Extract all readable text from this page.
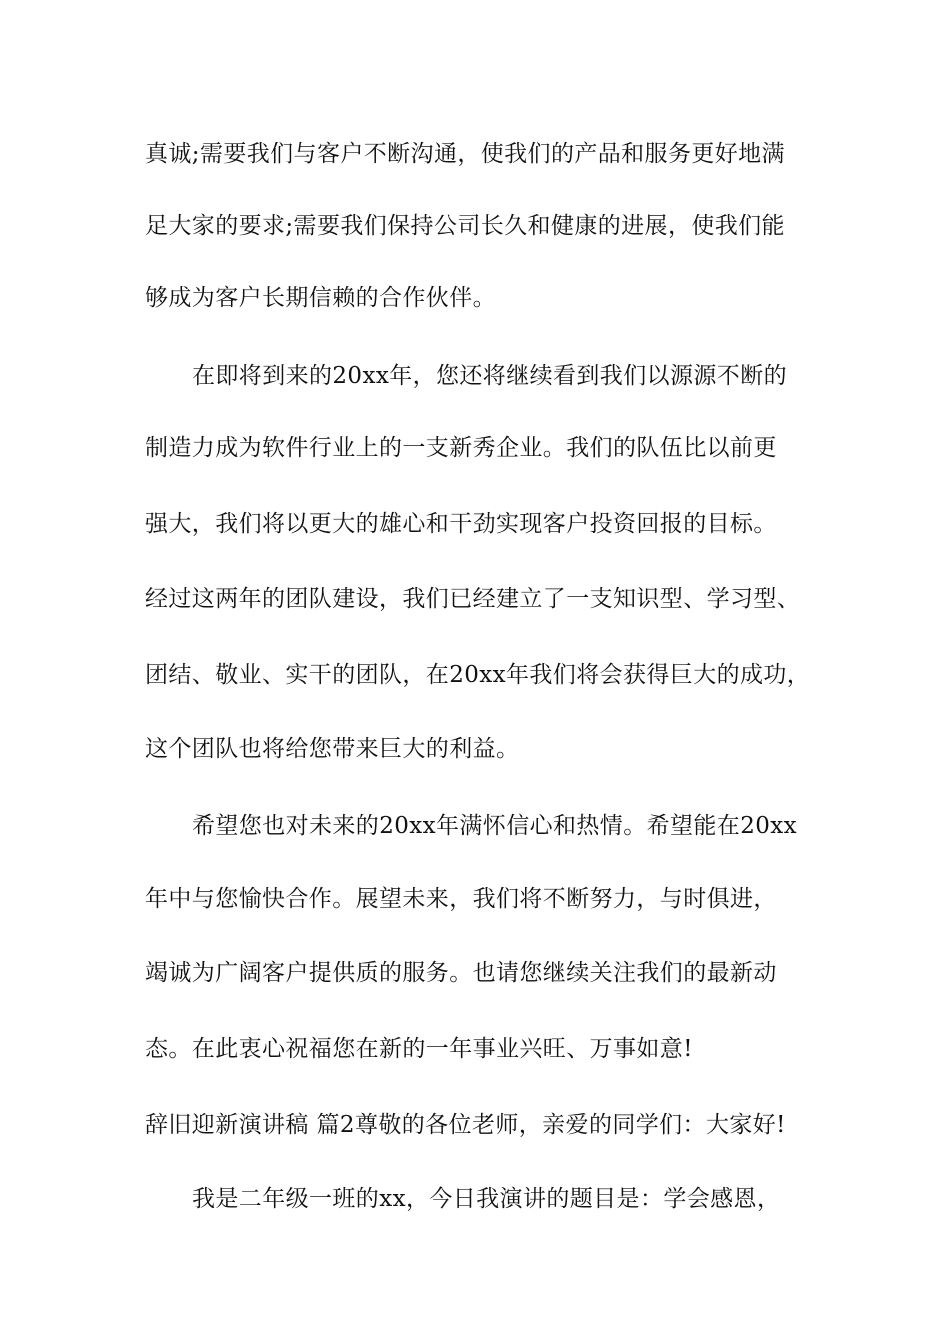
真诚;需要我们与客户不断沟通，使我们的产品和服务更好地满
足大家的要求;需要我们保持公司长久和健康的进展，使我们能
够成为客户长期信赖的合作伙伴。
在即将到来的20xx年，您还将继续看到我们以源源不断的
制造力成为软件行业上的一支新秀企业。我们的队伍比以前更
强大，我们将以更大的雄心和干劲实现客户投资回报的目标。
经过这两年的团队建设，我们已经建立了一支知识型、学习型、
团结、敬业、实干的团队，在20xx年我们将会获得巨大的成功，
这个团队也将给您带来巨大的利益。
希望您也对未来的20xx年满怀信心和热情。希望能在20xx
年中与您愉快合作。展望未来，我们将不断努力，与时俱进，
竭诚为广阔客户提供质的服务。也请您继续关注我们的最新动
态。在此衷心祝福您在新的一年事业兴旺、万事如意!
辞旧迎新演讲稿 篇2尊敬的各位老师，亲爱的同学们：大家好!
我是二年级一班的xx，今日我演讲的题目是：学会感恩，
